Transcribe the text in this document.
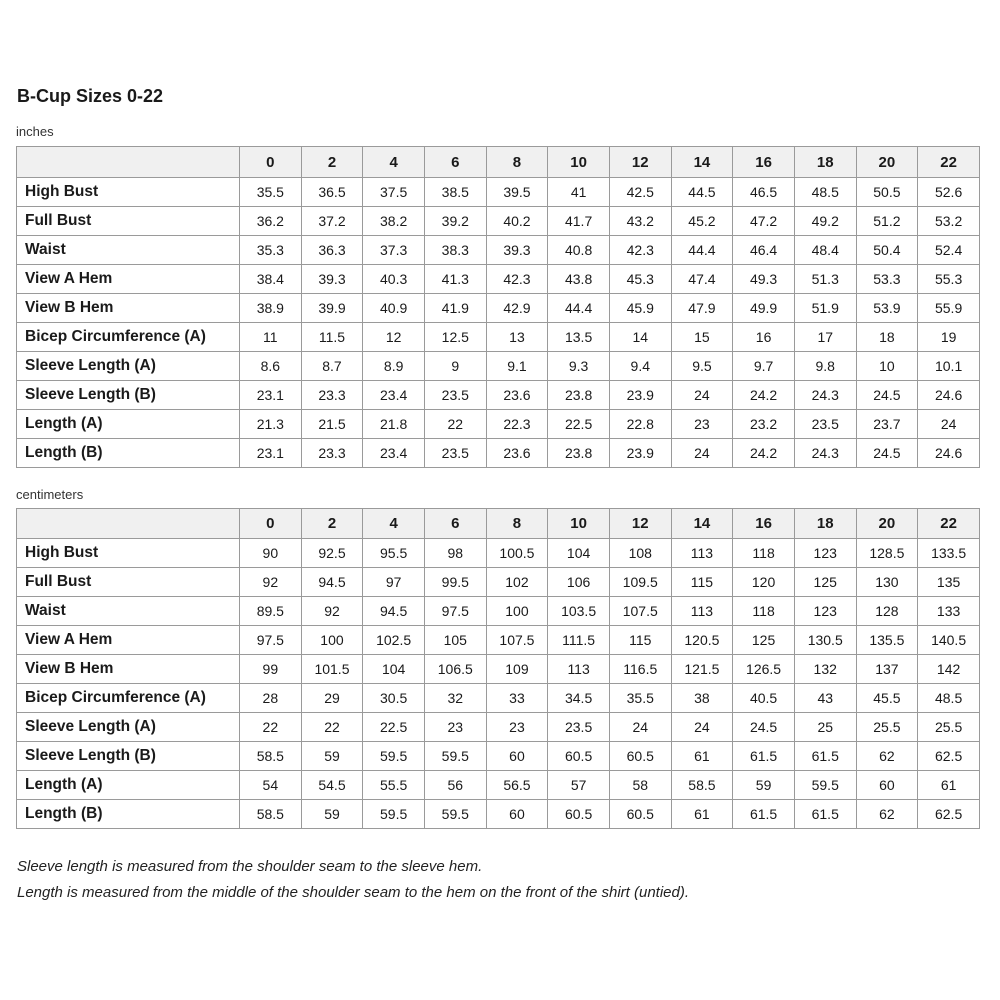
B-Cup Sizes 0-22
inches
	0	2	4	6	8	10	12	14	16	18	20	22
High Bust	35.5	36.5	37.5	38.5	39.5	41	42.5	44.5	46.5	48.5	50.5	52.6
Full Bust	36.2	37.2	38.2	39.2	40.2	41.7	43.2	45.2	47.2	49.2	51.2	53.2
Waist	35.3	36.3	37.3	38.3	39.3	40.8	42.3	44.4	46.4	48.4	50.4	52.4
View A Hem	38.4	39.3	40.3	41.3	42.3	43.8	45.3	47.4	49.3	51.3	53.3	55.3
View B Hem	38.9	39.9	40.9	41.9	42.9	44.4	45.9	47.9	49.9	51.9	53.9	55.9
Bicep Circumference (A)	11	11.5	12	12.5	13	13.5	14	15	16	17	18	19
Sleeve Length (A)	8.6	8.7	8.9	9	9.1	9.3	9.4	9.5	9.7	9.8	10	10.1
Sleeve Length (B)	23.1	23.3	23.4	23.5	23.6	23.8	23.9	24	24.2	24.3	24.5	24.6
Length (A)	21.3	21.5	21.8	22	22.3	22.5	22.8	23	23.2	23.5	23.7	24
Length (B)	23.1	23.3	23.4	23.5	23.6	23.8	23.9	24	24.2	24.3	24.5	24.6
centimeters
	0	2	4	6	8	10	12	14	16	18	20	22
High Bust	90	92.5	95.5	98	100.5	104	108	113	118	123	128.5	133.5
Full Bust	92	94.5	97	99.5	102	106	109.5	115	120	125	130	135
Waist	89.5	92	94.5	97.5	100	103.5	107.5	113	118	123	128	133
View A Hem	97.5	100	102.5	105	107.5	111.5	115	120.5	125	130.5	135.5	140.5
View B Hem	99	101.5	104	106.5	109	113	116.5	121.5	126.5	132	137	142
Bicep Circumference (A)	28	29	30.5	32	33	34.5	35.5	38	40.5	43	45.5	48.5
Sleeve Length (A)	22	22	22.5	23	23	23.5	24	24	24.5	25	25.5	25.5
Sleeve Length (B)	58.5	59	59.5	59.5	60	60.5	60.5	61	61.5	61.5	62	62.5
Length (A)	54	54.5	55.5	56	56.5	57	58	58.5	59	59.5	60	61
Length (B)	58.5	59	59.5	59.5	60	60.5	60.5	61	61.5	61.5	62	62.5

Sleeve length is measured from the shoulder seam to the sleeve hem.

Length is measured from the middle of the shoulder seam to the hem on the front of the shirt (untied).
